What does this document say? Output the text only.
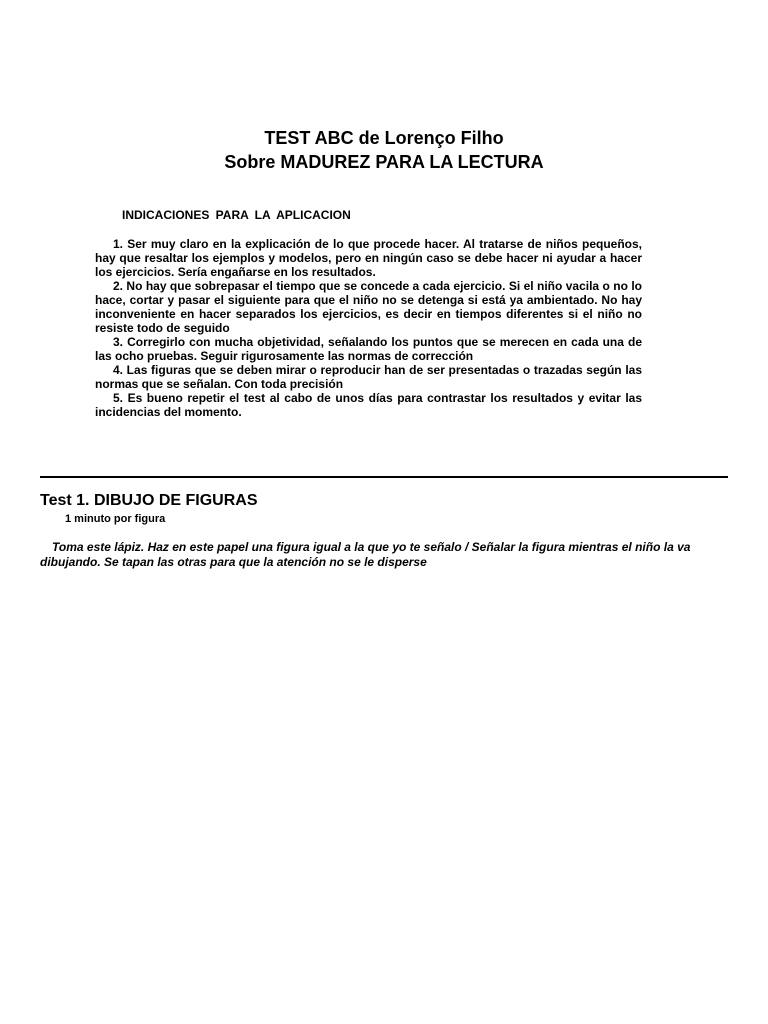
TEST ABC de Lorenço Filho
Sobre MADUREZ PARA LA LECTURA
INDICACIONES PARA LA APLICACION

1. Ser muy claro en la explicación de lo que procede hacer. Al tratarse de niños pequeños, hay que resaltar los ejemplos y modelos, pero en ningún caso se debe hacer ni ayudar a hacer los ejercicios. Sería engañarse en los resultados.

2. No hay que sobrepasar el tiempo que se concede a cada ejercicio. Si el niño vacila o no lo hace, cortar y pasar el siguiente para que el niño no se detenga si está ya ambientado. No hay inconveniente en hacer separados los ejercicios, es decir en tiempos diferentes si el niño no resiste todo de seguido

3. Corregirlo con mucha objetividad, señalando los puntos que se merecen en cada una de las ocho pruebas. Seguir rigurosamente las normas de corrección

4. Las figuras que se deben mirar o reproducir han de ser presentadas o trazadas según las normas que se señalan. Con toda precisión

5. Es bueno repetir el test al cabo de unos días para contrastar los resultados y evitar las incidencias del momento.

Test 1. DIBUJO DE FIGURAS
1 minuto por figura

Toma este lápiz. Haz en este papel una figura igual a la que yo te señalo / Señalar la figura mientras el niño la va dibujando. Se tapan las otras para que la atención no se le disperse
